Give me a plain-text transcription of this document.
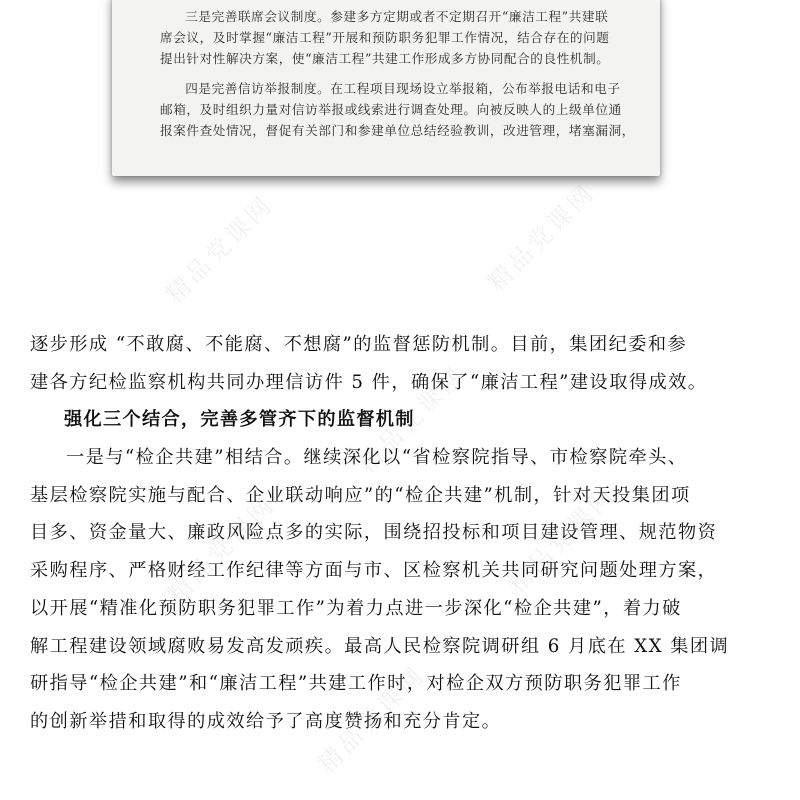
三是完善联席会议制度。参建多方定期或者不定期召开“廉洁工程”共建联
席会议，及时掌握“廉洁工程”开展和预防职务犯罪工作情况，结合存在的问题
提出针对性解决方案，使“廉洁工程”共建工作形成多方协同配合的良性机制。

四是完善信访举报制度。在工程项目现场设立举报箱，公布举报电话和电子
邮箱，及时组织力量对信访举报或线索进行调查处理。向被反映人的上级单位通
报案件查处情况，督促有关部门和参建单位总结经验教训，改进管理，堵塞漏洞，

精品党课网	精品党课网
精品党课网
精品党课网	精品党课网
精品党课网

逐步形成 “不敢腐、不能腐、不想腐”的监督惩防机制。目前，集团纪委和参

建各方纪检监察机构共同办理信访件 5 件，确保了“廉洁工程”建设取得成效。

强化三个结合，完善多管齐下的监督机制

一是与“检企共建”相结合。继续深化以“省检察院指导、市检察院牵头、

基层检察院实施与配合、企业联动响应”的“检企共建”机制，针对天投集团项

目多、资金量大、廉政风险点多的实际，围绕招投标和项目建设管理、规范物资

采购程序、严格财经工作纪律等方面与市、区检察机关共同研究问题处理方案，

以开展“精准化预防职务犯罪工作”为着力点进一步深化“检企共建”，着力破

解工程建设领域腐败易发高发顽疾。最高人民检察院调研组 6 月底在 XX 集团调

研指导“检企共建”和“廉洁工程”共建工作时，对检企双方预防职务犯罪工作

的创新举措和取得的成效给予了高度赞扬和充分肯定。
